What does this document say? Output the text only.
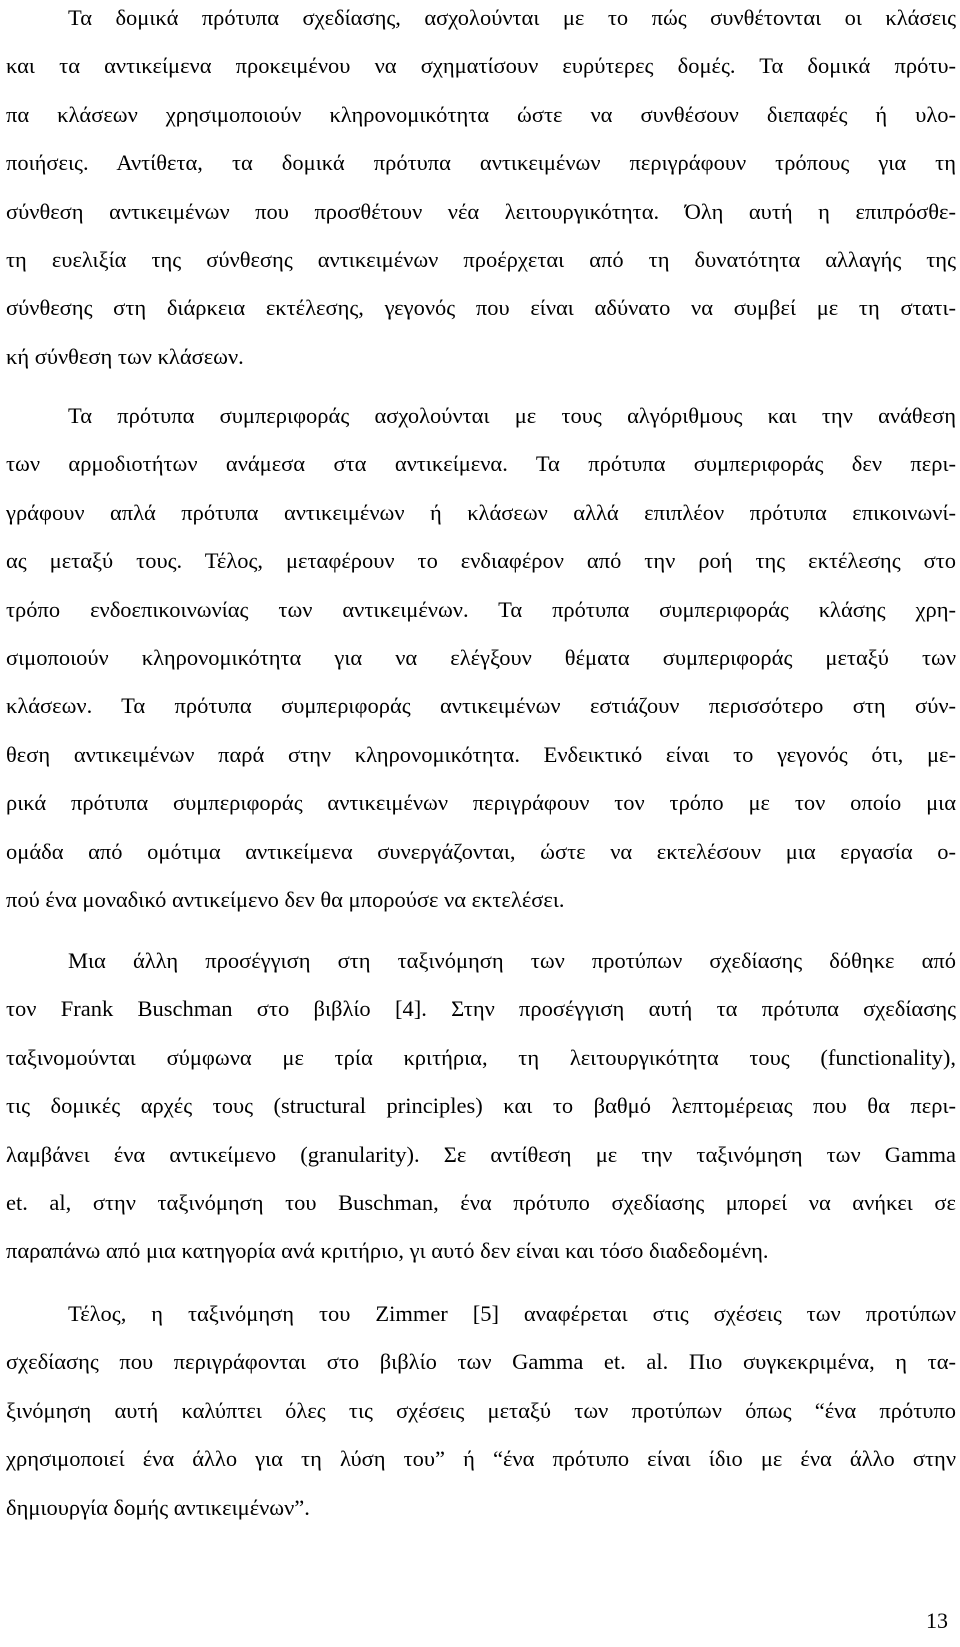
Τα δομικά πρότυπα σχεδίασης, ασχολούνται με το πώς συνθέτονται οι κλάσεις
και τα αντικείμενα προκειμένου να σχηματίσουν ευρύτερες δομές. Τα δομικά πρότυ-
πα κλάσεων χρησιμοποιούν κληρονομικότητα ώστε να συνθέσουν διεπαφές ή υλο-
ποιήσεις. Αντίθετα, τα δομικά πρότυπα αντικειμένων περιγράφουν τρόπους για τη
σύνθεση αντικειμένων που προσθέτουν νέα λειτουργικότητα. Όλη αυτή η επιπρόσθε-
τη ευελιξία της σύνθεσης αντικειμένων προέρχεται από τη δυνατότητα αλλαγής της
σύνθεσης στη διάρκεια εκτέλεσης, γεγονός που είναι αδύνατο να συμβεί με τη στατι-
κή σύνθεση των κλάσεων.
Τα πρότυπα συμπεριφοράς ασχολούνται με τους αλγόριθμους και την ανάθεση
των αρμοδιοτήτων ανάμεσα στα αντικείμενα. Τα πρότυπα συμπεριφοράς δεν περι-
γράφουν απλά πρότυπα αντικειμένων ή κλάσεων αλλά επιπλέον πρότυπα επικοινωνί-
ας μεταξύ τους. Τέλος, μεταφέρουν το ενδιαφέρον από την ροή της εκτέλεσης στο
τρόπο ενδοεπικοινωνίας των αντικειμένων. Τα πρότυπα συμπεριφοράς κλάσης χρη-
σιμοποιούν κληρονομικότητα για να ελέγξουν θέματα συμπεριφοράς μεταξύ των
κλάσεων. Τα πρότυπα συμπεριφοράς αντικειμένων εστιάζουν περισσότερο στη σύν-
θεση αντικειμένων παρά στην κληρονομικότητα. Ενδεικτικό είναι το γεγονός ότι, με-
ρικά πρότυπα συμπεριφοράς αντικειμένων περιγράφουν τον τρόπο με τον οποίο μια
ομάδα από ομότιμα αντικείμενα συνεργάζονται, ώστε να εκτελέσουν μια εργασία ο-
πού ένα μοναδικό αντικείμενο δεν θα μπορούσε να εκτελέσει.
Μια άλλη προσέγγιση στη ταξινόμηση των προτύπων σχεδίασης δόθηκε από
τον Frank Buschman στο βιβλίο [4]. Στην προσέγγιση αυτή τα πρότυπα σχεδίασης
ταξινομούνται σύμφωνα με τρία κριτήρια, τη λειτουργικότητα τους (functionality),
τις δομικές αρχές τους (structural principles) και το βαθμό λεπτομέρειας που θα περι-
λαμβάνει ένα αντικείμενο (granularity). Σε αντίθεση με την ταξινόμηση των Gamma
et. al, στην ταξινόμηση του Buschman, ένα πρότυπο σχεδίασης μπορεί να ανήκει σε
παραπάνω από μια κατηγορία ανά κριτήριο, γι αυτό δεν είναι και τόσο διαδεδομένη.
Τέλος, η ταξινόμηση του Zimmer [5] αναφέρεται στις σχέσεις των προτύπων
σχεδίασης που περιγράφονται στο βιβλίο των Gamma et. al. Πιο συγκεκριμένα, η τα-
ξινόμηση αυτή καλύπτει όλες τις σχέσεις μεταξύ των προτύπων όπως “ένα πρότυπο
χρησιμοποιεί ένα άλλο για τη λύση του” ή “ένα πρότυπο είναι ίδιο με ένα άλλο στην
δημιουργία δομής αντικειμένων”.
13
